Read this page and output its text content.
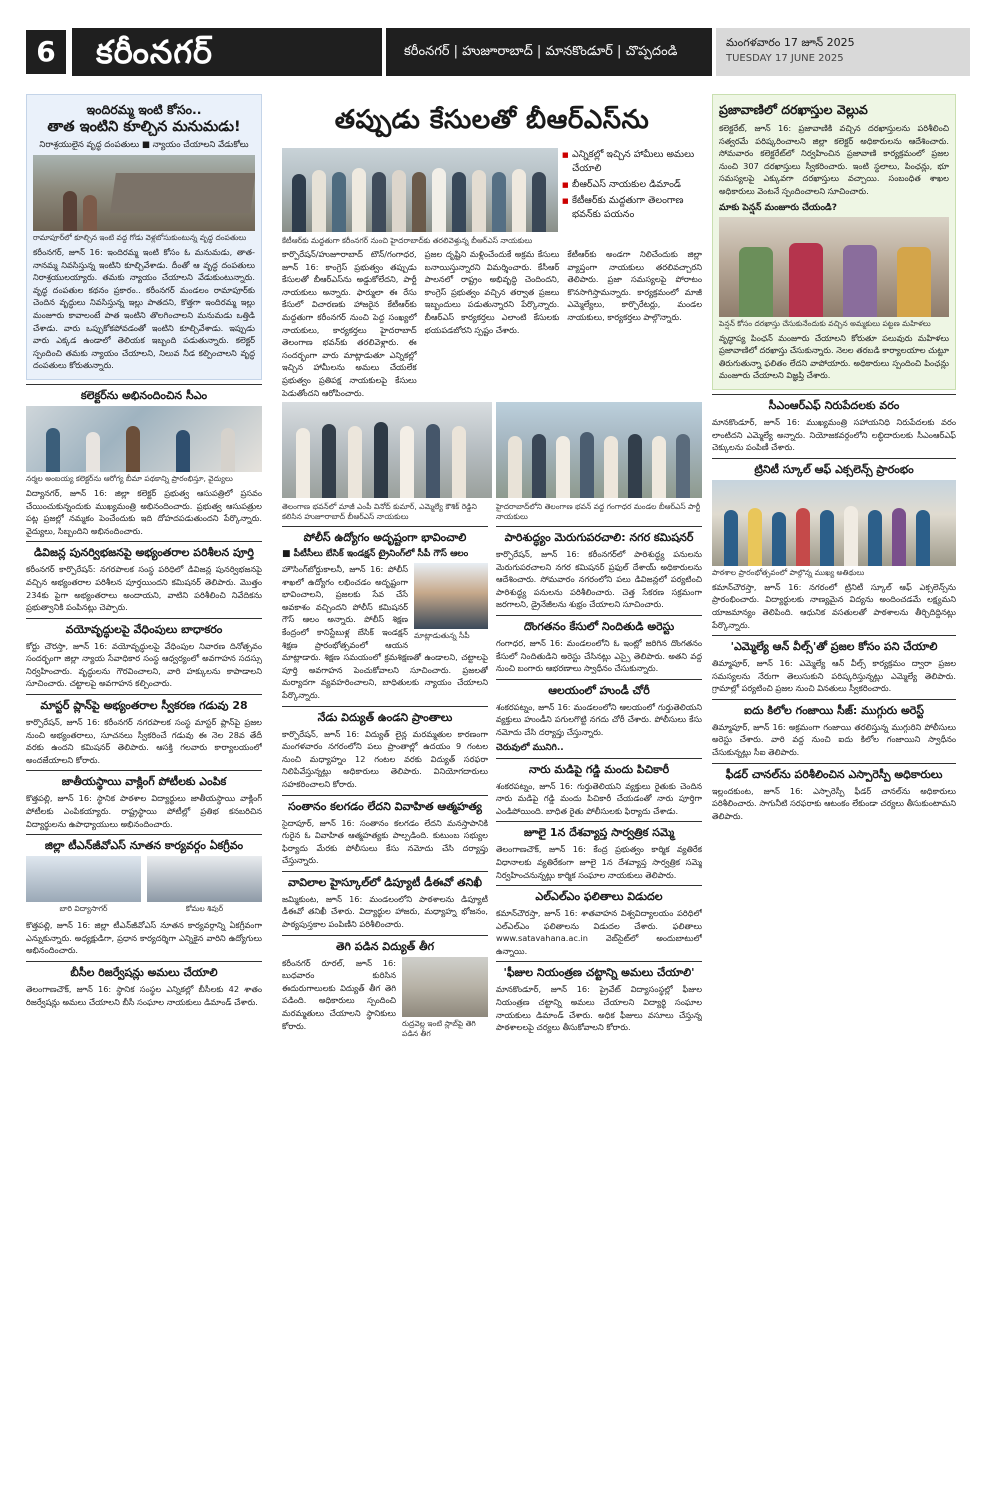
6	కరీంనగర్	కరీంనగర్ | హుజూరాబాద్ | మానకొండూర్ | చొప్పదండి
మంగళవారం 17 జూన్ 2025
TUESDAY 17 JUNE 2025
ఇందిరమ్మ ఇంటి కోసం..
తాత ఇంటిని కూల్చిన మనుమడు!
నిరాశ్రయులైన వృద్ధ దంపతులు ■ న్యాయం చేయాలని వేడుకోలు
రామాపూర్‌లో కూల్చిన ఇంటి వద్ద గోడు వెళ్లబోసుకుంటున్న వృద్ధ దంపతులు

కరీంనగర్, జూన్ 16: ఇందిరమ్మ ఇంటి కోసం ఓ మనుమడు, తాత-నానమ్మ నివసిస్తున్న ఇంటిని కూల్చివేశాడు. దీంతో ఆ వృద్ధ దంపతులు నిరాశ్రయులయ్యారు. తమకు న్యాయం చేయాలని వేడుకుంటున్నారు. వృద్ధ దంపతుల కథనం ప్రకారం.. కరీంనగర్ మండలం రామాపూర్‌కు చెందిన వృద్ధులు నివసిస్తున్న ఇల్లు పాతదని, కొత్తగా ఇందిరమ్మ ఇల్లు మంజూరు కావాలంటే పాత ఇంటిని తొలగించాలని మనుమడు ఒత్తిడి చేశాడు. వారు ఒప్పుకోకపోవడంతో ఇంటిని కూల్చివేశాడు. ఇప్పుడు వారు ఎక్కడ ఉండాలో తెలియక ఇబ్బంది పడుతున్నారు. కలెక్టర్ స్పందించి తమకు న్యాయం చేయాలని, నిలువ నీడ కల్పించాలని వృద్ధ దంపతులు కోరుతున్నారు.

కలెక్టర్‌ను అభినందించిన సీఎం
నర్మల అంబయ్య కలెక్టర్‌ను ఆరోగ్య బీమా పథకాన్ని ప్రారంభిస్తూ, వైద్యులు

విద్యానగర్, జూన్ 16: జిల్లా కలెక్టర్ ప్రభుత్వ ఆసుపత్రిలో ప్రసవం చేయించుకున్నందుకు ముఖ్యమంత్రి అభినందించారు. ప్రభుత్వ ఆసుపత్రుల పట్ల ప్రజల్లో నమ్మకం పెంచేందుకు ఇది దోహదపడుతుందని పేర్కొన్నారు. వైద్యులు, సిబ్బందిని అభినందించారు.

డివిజన్ల పునర్విభజనపై అభ్యంతరాల పరిశీలన పూర్తి

కరీంనగర్ కార్పొరేషన్: నగరపాలక సంస్థ పరిధిలో డివిజన్ల పునర్విభజనపై వచ్చిన అభ్యంతరాల పరిశీలన పూర్తయిందని కమిషనర్ తెలిపారు. మొత్తం 234కు పైగా అభ్యంతరాలు అందాయని, వాటిని పరిశీలించి నివేదికను ప్రభుత్వానికి పంపినట్లు చెప్పారు.

వయోవృద్ధులపై వేధింపులు బాధాకరం

కోర్టు చౌరస్తా, జూన్ 16: వయోవృద్ధులపై వేధింపుల నివారణ దినోత్సవం సందర్భంగా జిల్లా న్యాయ సేవాధికార సంస్థ ఆధ్వర్యంలో అవగాహన సదస్సు నిర్వహించారు. వృద్ధులను గౌరవించాలని, వారి హక్కులను కాపాడాలని సూచించారు. చట్టాలపై అవగాహన కల్పించారు.

మాస్టర్ ప్లాన్‌పై అభ్యంతరాల స్వీకరణ గడువు 28

కార్పొరేషన్, జూన్ 16: కరీంనగర్ నగరపాలక సంస్థ మాస్టర్ ప్లాన్‌పై ప్రజల నుంచి అభ్యంతరాలు, సూచనలు స్వీకరించే గడువు ఈ నెల 28వ తేదీ వరకు ఉందని కమిషనర్ తెలిపారు. ఆసక్తి గలవారు కార్యాలయంలో అందజేయాలని కోరారు.

జాతీయస్థాయి వాక్లింగ్ పోటీలకు ఎంపిక

కొత్తపల్లి, జూన్ 16: స్థానిక పాఠశాల విద్యార్థులు జాతీయస్థాయి వాక్లింగ్ పోటీలకు ఎంపికయ్యారు. రాష్ట్రస్థాయి పోటీల్లో ప్రతిభ కనబరిచిన విద్యార్థులను ఉపాధ్యాయులు అభినందించారు.

జిల్లా టీఎన్‌జీవోఎస్ నూతన కార్యవర్గం ఏకగ్రీవం
బారి విద్యాసాగర్	కోమల శివుర్

కొత్తపల్లి, జూన్ 16: జిల్లా టీఎన్‌జీవోఎస్ నూతన కార్యవర్గాన్ని ఏకగ్రీవంగా ఎన్నుకున్నారు. అధ్యక్షుడిగా, ప్రధాన కార్యదర్శిగా ఎన్నికైన వారిని ఉద్యోగులు అభినందించారు.

బీసీల రిజర్వేషన్లు అమలు చేయాలి

తెలంగాణచౌక్, జూన్ 16: స్థానిక సంస్థల ఎన్నికల్లో బీసీలకు 42 శాతం రిజర్వేషన్లు అమలు చేయాలని బీసీ సంఘాల నాయకులు డిమాండ్ చేశారు.

తప్పుడు కేసులతో బీఆర్ఎస్‌ను
■ ఎన్నికల్లో ఇచ్చిన హామీలు అమలు చేయాలి
■ బీఆర్ఎస్ నాయకుల డిమాండ్
■ కేటీఆర్‌కు మద్దతుగా తెలంగాణ భవన్‌కు పయనం
కేటీఆర్‌కు మద్దతుగా కరీంనగర్ నుంచి హైదరాబాద్‌కు తరలివెళ్తున్న బీఆర్ఎస్ నాయకులు

కార్పొరేషన్/హుజూరాబాద్ టౌన్/గంగాధర, జూన్ 16: కాంగ్రెస్ ప్రభుత్వం తప్పుడు కేసులతో బీఆర్ఎస్‌ను అడ్డుకోలేదని, పార్టీ నాయకులు అన్నారు. ఫార్ములా ఈ రేసు కేసులో విచారణకు హాజరైన కేటీఆర్‌కు మద్దతుగా కరీంనగర్ నుంచి పెద్ద సంఖ్యలో నాయకులు, కార్యకర్తలు హైదరాబాద్ తెలంగాణ భవన్‌కు తరలివెళ్లారు. ఈ సందర్భంగా వారు మాట్లాడుతూ ఎన్నికల్లో ఇచ్చిన హామీలను అమలు చేయలేక ప్రభుత్వం ప్రతిపక్ష నాయకులపై కేసులు పెడుతోందని ఆరోపించారు.

ప్రజల దృష్టిని మళ్లించేందుకే అక్రమ కేసులు బనాయిస్తున్నారని విమర్శించారు. కేసీఆర్ పాలనలో రాష్ట్రం అభివృద్ధి చెందిందని, కాంగ్రెస్ ప్రభుత్వం వచ్చిన తర్వాత ప్రజలు ఇబ్బందులు పడుతున్నారని పేర్కొన్నారు. బీఆర్ఎస్ కార్యకర్తలు ఎలాంటి కేసులకు భయపడబోరని స్పష్టం చేశారు.

కేటీఆర్‌కు అండగా నిలిచేందుకు జిల్లా వ్యాప్తంగా నాయకులు తరలివచ్చారని తెలిపారు. ప్రజా సమస్యలపై పోరాటం కొనసాగిస్తామన్నారు. కార్యక్రమంలో మాజీ ఎమ్మెల్యేలు, కార్పొరేటర్లు, మండల నాయకులు, కార్యకర్తలు పాల్గొన్నారు.

తెలంగాణ భవన్‌లో మాజీ ఎంపీ వినోద్ కుమార్, ఎమ్మెల్యే కౌశిక్ రెడ్డిని కలిసిన హుజూరాబాద్ బీఆర్ఎస్ నాయకులు
హైదరాబాద్‌లోని తెలంగాణ భవన్ వద్ద గంగాధర మండల బీఆర్ఎస్ పార్టీ నాయకులు
పోలీస్ ఉద్యోగం అదృష్టంగా భావించాలి
■ పీటీసీలు బేసిక్ ఇండక్షన్ ట్రైనింగ్‌లో సీపీ గౌస్ ఆలం
మాట్లాడుతున్న సీపీ

హౌసింగ్‌బోర్డుకాలనీ, జూన్ 16: పోలీస్ శాఖలో ఉద్యోగం లభించడం అదృష్టంగా భావించాలని, ప్రజలకు సేవ చేసే అవకాశం వచ్చిందని పోలీస్ కమిషనర్ గౌస్ ఆలం అన్నారు. పోలీస్ శిక్షణ కేంద్రంలో కానిస్టేబుళ్ల బేసిక్ ఇండక్షన్ శిక్షణ ప్రారంభోత్సవంలో ఆయన మాట్లాడారు. శిక్షణ సమయంలో క్రమశిక్షణతో ఉండాలని, చట్టాలపై పూర్తి అవగాహన పెంచుకోవాలని సూచించారు. ప్రజలతో మర్యాదగా వ్యవహరించాలని, బాధితులకు న్యాయం చేయాలని పేర్కొన్నారు.

నేడు విద్యుత్ ఉండని ప్రాంతాలు

కార్పొరేషన్, జూన్ 16: విద్యుత్ లైన్ల మరమ్మతుల కారణంగా మంగళవారం నగరంలోని పలు ప్రాంతాల్లో ఉదయం 9 గంటల నుంచి మధ్యాహ్నం 12 గంటల వరకు విద్యుత్ సరఫరా నిలిపివేస్తున్నట్లు అధికారులు తెలిపారు. వినియోగదారులు సహకరించాలని కోరారు.

సంతానం కలగడం లేదని వివాహిత ఆత్మహత్య

సైదాపూర్, జూన్ 16: సంతానం కలగడం లేదని మనస్తాపానికి గురైన ఓ వివాహిత ఆత్మహత్యకు పాల్పడింది. కుటుంబ సభ్యుల ఫిర్యాదు మేరకు పోలీసులు కేసు నమోదు చేసి దర్యాప్తు చేస్తున్నారు.

వావిలాల హైస్కూల్‌లో డిప్యూటీ డీఈవో తనిఖీ

జమ్మికుంట, జూన్ 16: మండలంలోని పాఠశాలను డిప్యూటీ డీఈవో తనిఖీ చేశారు. విద్యార్థుల హాజరు, మధ్యాహ్న భోజనం, పాఠ్యపుస్తకాల పంపిణీని పరిశీలించారు.

తెగి పడిన విద్యుత్ తీగ
రుద్రవెల్ల ఇంటి స్లాబ్‌పై తెగి పడిన తీగ

కరీంనగర్ రూరల్, జూన్ 16: బుధవారం కురిసిన ఈదురుగాలులకు విద్యుత్ తీగ తెగి పడింది. అధికారులు స్పందించి మరమ్మతులు చేయాలని స్థానికులు కోరారు.

పారిశుద్ధ్యం మెరుగుపరచాలి: నగర కమిషనర్

కార్పొరేషన్, జూన్ 16: కరీంనగర్‌లో పారిశుద్ధ్య పనులను మెరుగుపరచాలని నగర కమిషనర్ ప్రఫుల్ దేశాయ్ అధికారులను ఆదేశించారు. సోమవారం నగరంలోని పలు డివిజన్లలో పర్యటించి పారిశుద్ధ్య పనులను పరిశీలించారు. చెత్త సేకరణ సక్రమంగా జరగాలని, డ్రైనేజీలను శుభ్రం చేయాలని సూచించారు.

దొంగతనం కేసులో నిందితుడి అరెస్టు

గంగాధర, జూన్ 16: మండలంలోని ఓ ఇంట్లో జరిగిన దొంగతనం కేసులో నిందితుడిని అరెస్టు చేసినట్లు ఎస్సై తెలిపారు. అతని వద్ద నుంచి బంగారు ఆభరణాలు స్వాధీనం చేసుకున్నారు.

ఆలయంలో హుండీ చోరీ

శంకరపట్నం, జూన్ 16: మండలంలోని ఆలయంలో గుర్తుతెలియని వ్యక్తులు హుండీని పగులగొట్టి నగదు చోరీ చేశారు. పోలీసులు కేసు నమోదు చేసి దర్యాప్తు చేస్తున్నారు.

చెరువులో మునిగి..
నారు మడిపై గడ్డి మందు పిచికారీ

శంకరపట్నం, జూన్ 16: గుర్తుతెలియని వ్యక్తులు రైతుకు చెందిన నారు మడిపై గడ్డి మందు పిచికారీ చేయడంతో నారు పూర్తిగా ఎండిపోయింది. బాధిత రైతు పోలీసులకు ఫిర్యాదు చేశాడు.

జూలై 1న దేశవ్యాప్త సార్వత్రిక సమ్మె

తెలంగాణచౌక్, జూన్ 16: కేంద్ర ప్రభుత్వం కార్మిక వ్యతిరేక విధానాలకు వ్యతిరేకంగా జూలై 1న దేశవ్యాప్త సార్వత్రిక సమ్మె నిర్వహించనున్నట్లు కార్మిక సంఘాల నాయకులు తెలిపారు.

ఎల్ఎల్‌ఎం ఫలితాలు విడుదల

కమాన్‌చౌరస్తా, జూన్ 16: శాతవాహన విశ్వవిద్యాలయం పరిధిలో ఎల్ఎల్‌ఎం ఫలితాలను విడుదల చేశారు. ఫలితాలు www.satavahana.ac.in వెబ్‌సైట్‌లో అందుబాటులో ఉన్నాయి.

'ఫీజుల నియంత్రణ చట్టాన్ని అమలు చేయాలి'

మానకొండూర్, జూన్ 16: ప్రైవేట్ విద్యాసంస్థల్లో ఫీజుల నియంత్రణ చట్టాన్ని అమలు చేయాలని విద్యార్థి సంఘాల నాయకులు డిమాండ్ చేశారు. అధిక ఫీజులు వసూలు చేస్తున్న పాఠశాలలపై చర్యలు తీసుకోవాలని కోరారు.

ప్రజావాణిలో దరఖాస్తుల వెల్లువ

కలెక్టరేట్, జూన్ 16: ప్రజావాణికి వచ్చిన దరఖాస్తులను పరిశీలించి సత్వరమే పరిష్కరించాలని జిల్లా కలెక్టర్ అధికారులను ఆదేశించారు. సోమవారం కలెక్టరేట్‌లో నిర్వహించిన ప్రజావాణి కార్యక్రమంలో ప్రజల నుంచి 307 దరఖాస్తులు స్వీకరించారు. ఇంటి స్థలాలు, పింఛన్లు, భూ సమస్యలపై ఎక్కువగా దరఖాస్తులు వచ్చాయి. సంబంధిత శాఖల అధికారులు వెంటనే స్పందించాలని సూచించారు.

మాకు పెన్షన్ మంజూరు చేయండి?
పెన్షన్ కోసం దరఖాస్తు చేసుకునేందుకు వచ్చిన అమ్మకులు పట్టణ మహిళలు

వృద్ధాప్య పింఛన్ మంజూరు చేయాలని కోరుతూ పలువురు మహిళలు ప్రజావాణిలో దరఖాస్తు చేసుకున్నారు. నెలల తరబడి కార్యాలయాల చుట్టూ తిరుగుతున్నా ఫలితం లేదని వాపోయారు. అధికారులు స్పందించి పింఛన్లు మంజూరు చేయాలని విజ్ఞప్తి చేశారు.

సీఎంఆర్ఎఫ్ నిరుపేదలకు వరం

మానకొండూర్, జూన్ 16: ముఖ్యమంత్రి సహాయనిధి నిరుపేదలకు వరం లాంటిదని ఎమ్మెల్యే అన్నారు. నియోజకవర్గంలోని లబ్ధిదారులకు సీఎంఆర్ఎఫ్ చెక్కులను పంపిణీ చేశారు.

ట్రినిటీ స్కూల్ ఆఫ్ ఎక్సలెన్స్ ప్రారంభం
పాఠశాల ప్రారంభోత్సవంలో పాల్గొన్న ముఖ్య అతిథులు

కమాన్‌చౌరస్తా, జూన్ 16: నగరంలో ట్రినిటీ స్కూల్ ఆఫ్ ఎక్సలెన్స్‌ను ప్రారంభించారు. విద్యార్థులకు నాణ్యమైన విద్యను అందించడమే లక్ష్యమని యాజమాన్యం తెలిపింది. ఆధునిక వసతులతో పాఠశాలను తీర్చిదిద్దినట్లు పేర్కొన్నారు.

'ఎమ్మెల్యే ఆన్ వీల్స్'తో ప్రజల కోసం పని చేయాలి

తిమ్మాపూర్, జూన్ 16: ఎమ్మెల్యే ఆన్ వీల్స్ కార్యక్రమం ద్వారా ప్రజల సమస్యలను నేరుగా తెలుసుకుని పరిష్కరిస్తున్నట్లు ఎమ్మెల్యే తెలిపారు. గ్రామాల్లో పర్యటించి ప్రజల నుంచి వినతులు స్వీకరించారు.

ఐదు కిలోల గంజాయి సీజ్: ముగ్గురు అరెస్ట్

తిమ్మాపూర్, జూన్ 16: అక్రమంగా గంజాయి తరలిస్తున్న ముగ్గురిని పోలీసులు అరెస్టు చేశారు. వారి వద్ద నుంచి ఐదు కిలోల గంజాయిని స్వాధీనం చేసుకున్నట్లు సీఐ తెలిపారు.

ఫీడర్ చానల్‌ను పరిశీలించిన ఎస్పారెస్పీ అధికారులు

ఇల్లందకుంట, జూన్ 16: ఎస్పారెస్పీ ఫీడర్ చానల్‌ను అధికారులు పరిశీలించారు. సాగునీటి సరఫరాకు ఆటంకం లేకుండా చర్యలు తీసుకుంటామని తెలిపారు.
